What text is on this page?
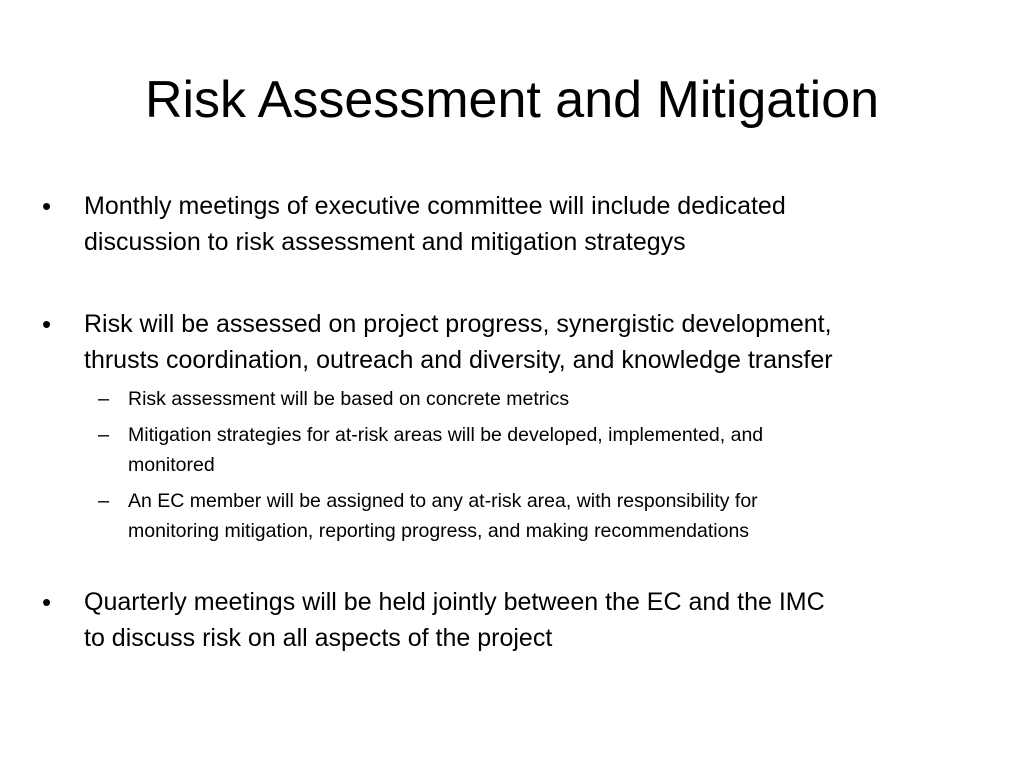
Risk Assessment and Mitigation
• Monthly meetings of executive committee will include dedicated
discussion to risk assessment and mitigation strategys
• Risk will be assessed on project progress, synergistic development,
thrusts coordination, outreach and diversity, and knowledge transfer
– Risk assessment will be based on concrete metrics
– Mitigation strategies for at-risk areas will be developed, implemented, and
monitored
– An EC member will be assigned to any at-risk area, with responsibility for
monitoring mitigation, reporting progress, and making recommendations
• Quarterly meetings will be held jointly between the EC and the IMC
to discuss risk on all aspects of the project
